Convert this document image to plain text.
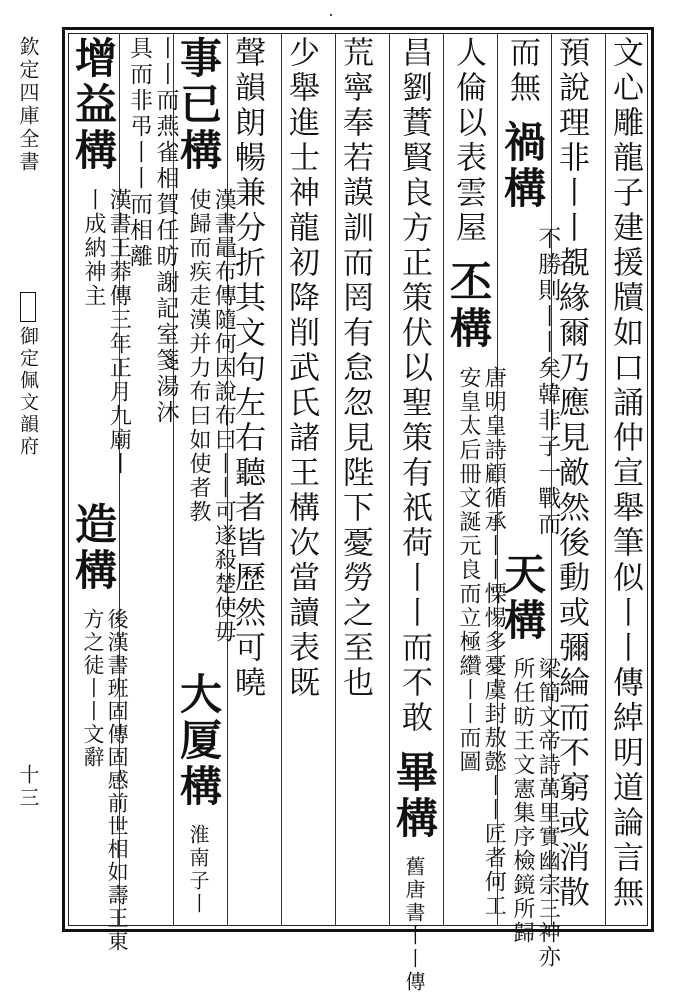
欽定四庫全書
御定佩文韻府
十三	文心雕龍子建援牘如口誦仲宣舉筆似丨丨傳綽明道論言無
預說理非丨丨覩緣爾乃應見敵然後動或彌綸而不窮或消散
而無 禍構
韓非子一戰而
不勝則丨丨矣
天構 梁簡文帝詩萬里實幽宗三神亦所任昉王文憲集序檢鏡所歸
人倫以表雲屋 丕構 唐明皇詩顧循承丨丨慄惕多憂虞封敖懿丨丨匠者何工安皇太后冊文誕元良而立極纘丨丨而圖
昌劉蕡賢良方正策伏以聖策有祇荷丨丨而不敢 畢構 舊唐書丨丨傳
荒寧奉若謨訓而罔有怠忽見陛下憂勞之至也
少舉進士神龍初降削武氏諸王構次當讀表既
聲韻朗暢兼分折其文句左右聽者皆歷然可曉
事已構 漢書鼂布傳隨何因說布曰丨丨可遂殺楚使毋使歸而疾走漢并力布曰如使者教 大厦構 淮南子丨
丨丨而燕雀相賀任昉謝記室箋湯沐具而非弔丨丨而相離
增益構 漢書王莽傳三年正月九廟丨丨成納神主 造構 後漢書班固傳固感前世相如壽王東方之徒丨丨文辭
